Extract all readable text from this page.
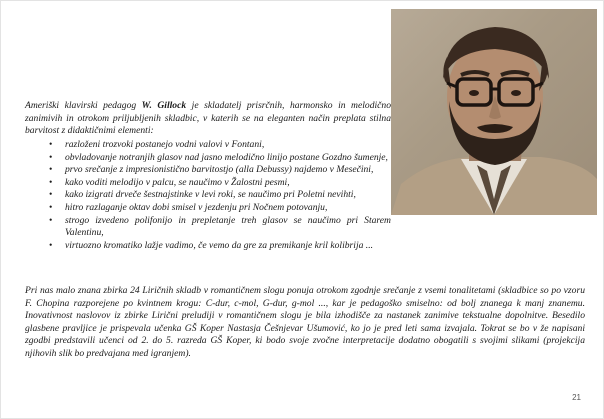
Ameriški klavirski pedagog W. Gillock je skladatelj prisrčnih, harmonsko in melodično zanimivih in otrokom priljubljenih skladbic, v katerih se na eleganten način preplata stilna barvitost z didaktičnimi elementi:
• razloženi trozvoki postanejo vodni valovi v Fontani,
• obvladovanje notranjih glasov nad jasno melodično linijo postane Gozdno šumenje,
• prvo srečanje z impresionistično barvitostjo (alla Debussy) najdemo v Mesečini,
• kako voditi melodijo v palcu, se naučimo v Žalostni pesmi,
• kako izigrati drveče šestnajstinke v levi roki, se naučimo pri Poletni nevihti,
• hitro razlaganje oktav dobi smisel v jezdenju pri Nočnem potovanju,
• strogo izvedeno polifonijo in prepletanje treh glasov se naučimo pri Starem Valentinu,
• virtuozno kromatiko lažje vadimo, če vemo da gre za premikanje kril kolibrija ...
Pri nas malo znana zbirka 24 Liričnih skladb v romantičnem slogu ponuja otrokom zgodnje srečanje z vsemi tonalitetami (skladbice so po vzoru F. Chopina razporejene po kvintnem krogu: C-dur, c-mol, G-dur, g-mol ..., kar je pedagoško smiselno: od bolj znanega k manj znanemu. Inovativnost naslovov iz zbirke Lirični preludiji v romantičnem slogu je bila izhodišče za nastanek zanimive tekstualne dopolnitve. Besedilo glasbene pravljice je prispevala učenka GŠ Koper Nastasja Češnjevar Ušumović, ko jo je pred leti sama izvajala. Tokrat se bo v že napisani zgodbi predstavili učenci od 2. do 5. razreda GŠ Koper, ki bodo svoje zvočne interpretacije dodatno obogatili s svojimi slikami (projekcija njihovih slik bo predvajana med igranjem).
21
